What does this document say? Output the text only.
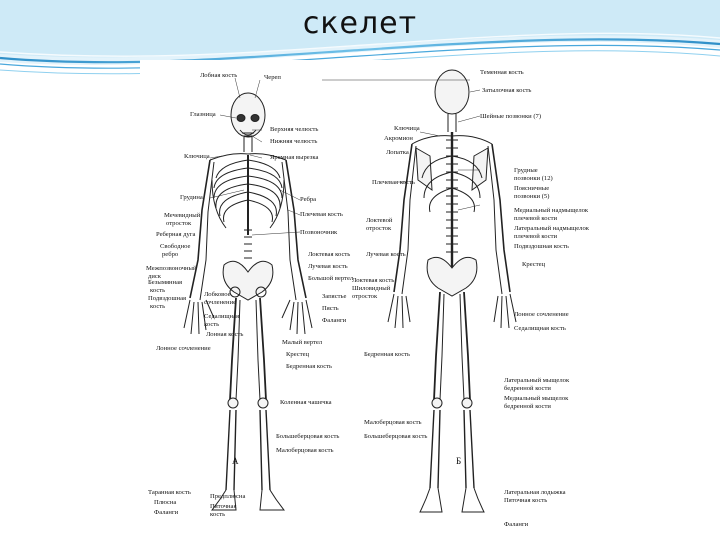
скелет
Лобная кость	Череп
Глазница
Верхняя челюсть
Нижняя челюсть
Ключица	Яремная вырезка
Грудина	Ребра
Мечевидный
отросток
Плечевая кость
Реберная дуга	Позвоночник
Свободное
ребро	Локтевая кость
Лучевая кость
Межпозвоночный
диск	Большой вертел
Безымянная
кость
Запястье
Подвздошная
кость
Лобковое
сочленение
Седалищная
кость
Пясть
Фаланги
Лонная кость
Малый вертел
Крестец
Лонное сочленение
Бедренная кость
Коленная чашечка
Большеберцовая кость
Малоберцовая кость
А
Таранная кость
Плюсна
Фаланги
Предплюсна
Пяточная
кость
Теменная кость
Затылочная кость
Шейные позвонки (7)
Ключица
Акромион
Лопатка
Грудные
позвонки (12)
Плечевая кость
Поясничные
позвонки (5)
Локтевой
отросток
Медиальный надмыщелок
плечевой кости
Латеральный надмыщелок
плечевой кости
Подвздошная кость
Лучевая кость
Крестец
Локтевая кость
Шиловидный
отросток
Лонное сочленение
Седалищная кость
Бедренная кость
Латеральный мыщелок
бедренной кости
Медиальный мыщелок
бедренной кости
Малоберцовая кость
Большеберцовая кость
Б
Латеральная лодыжка
Пяточная кость
Фаланги
